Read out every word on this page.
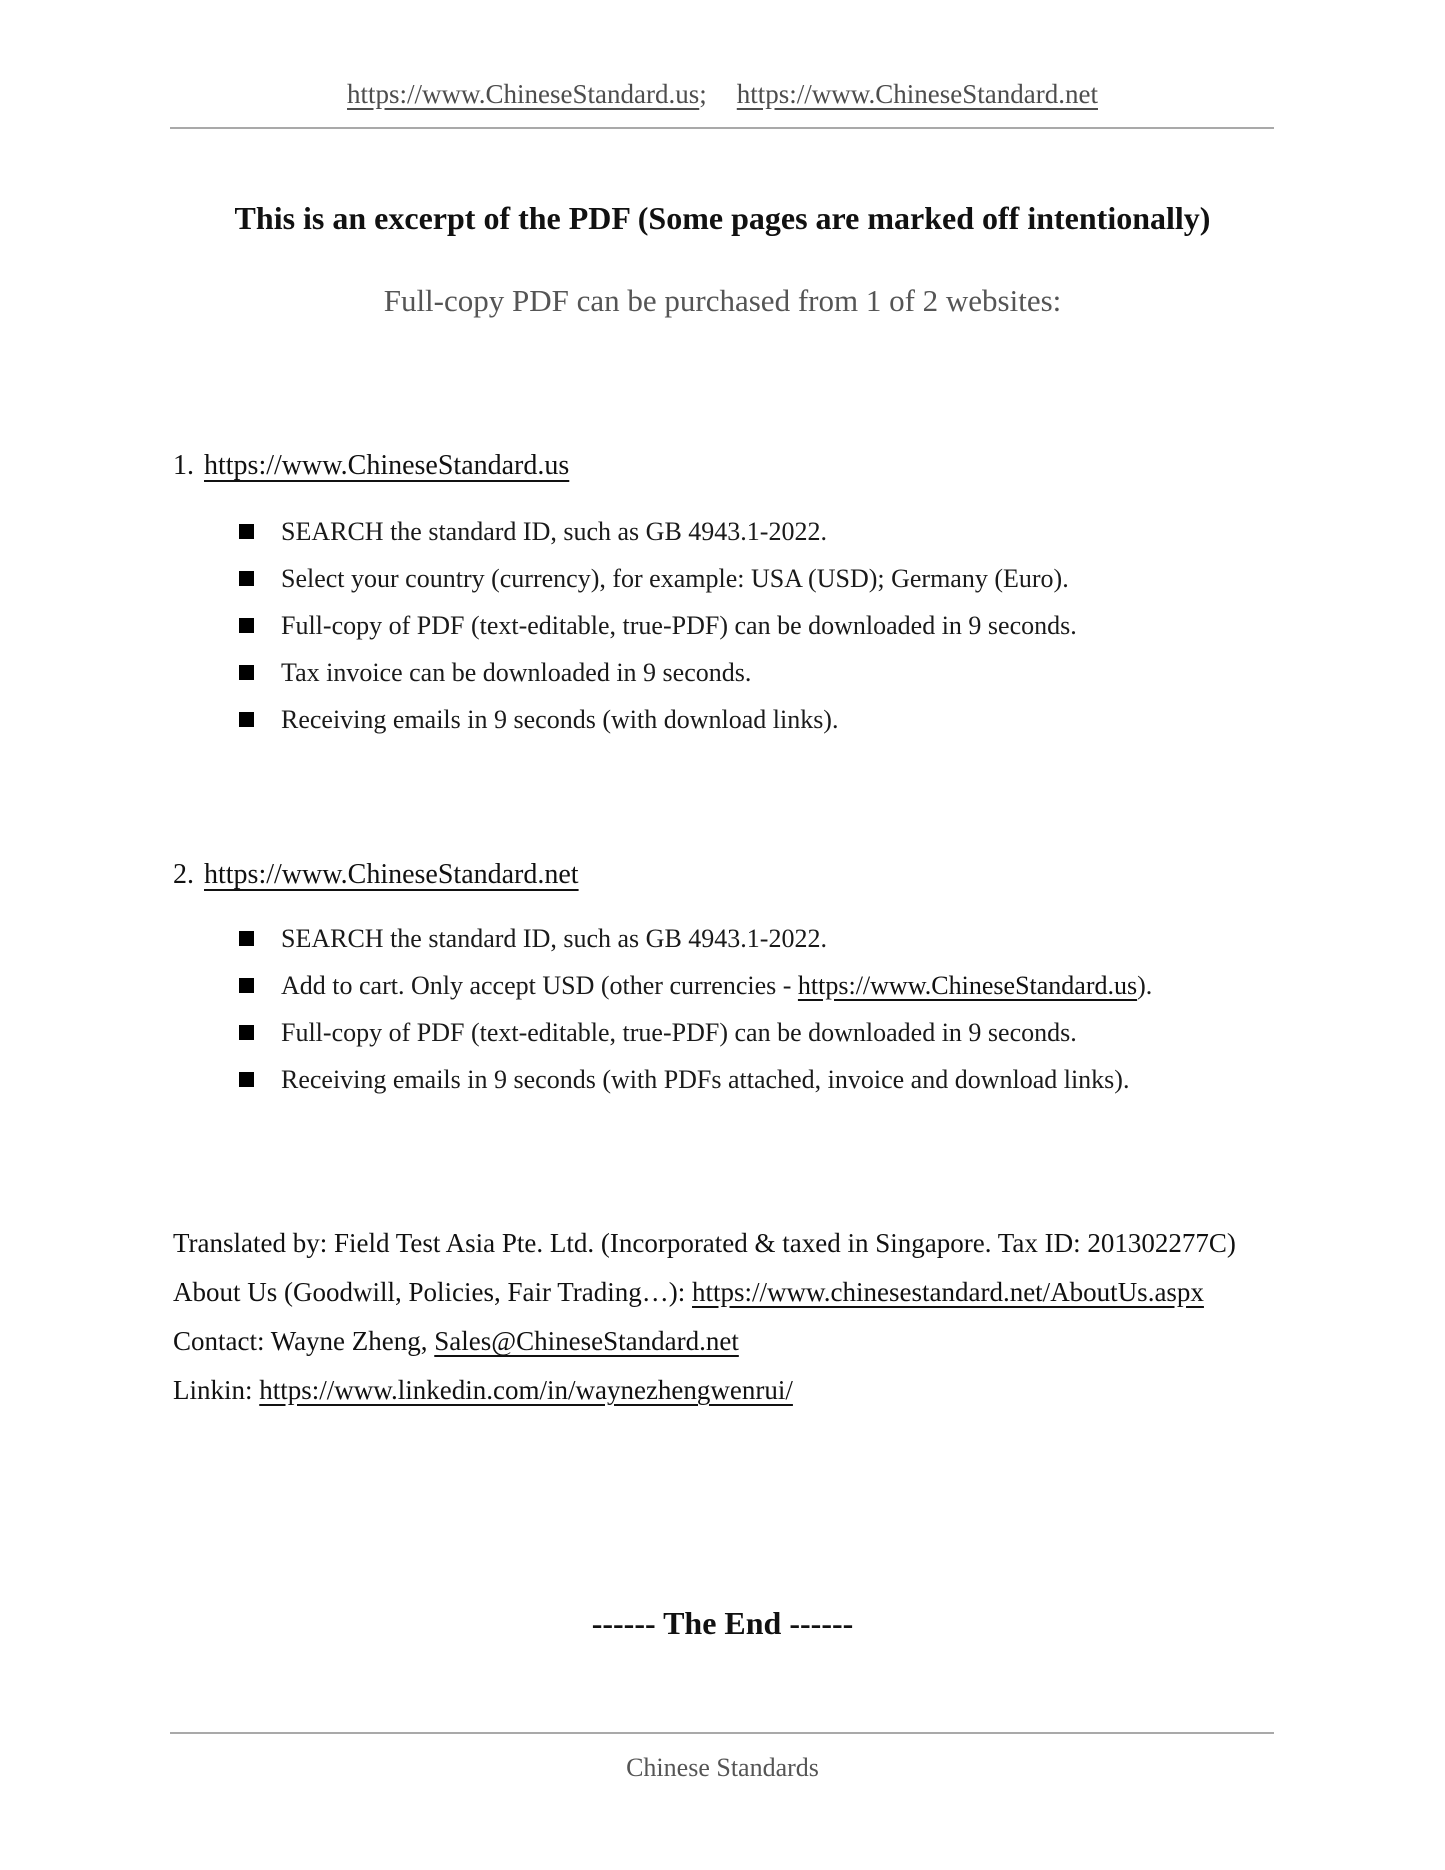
https://www.ChineseStandard.us; https://www.ChineseStandard.net
This is an excerpt of the PDF (Some pages are marked off intentionally)
Full-copy PDF can be purchased from 1 of 2 websites:
1. https://www.ChineseStandard.us
SEARCH the standard ID, such as GB 4943.1-2022.
Select your country (currency), for example: USA (USD); Germany (Euro).
Full-copy of PDF (text-editable, true-PDF) can be downloaded in 9 seconds.
Tax invoice can be downloaded in 9 seconds.
Receiving emails in 9 seconds (with download links).
2. https://www.ChineseStandard.net
SEARCH the standard ID, such as GB 4943.1-2022.
Add to cart. Only accept USD (other currencies - https://www.ChineseStandard.us).
Full-copy of PDF (text-editable, true-PDF) can be downloaded in 9 seconds.
Receiving emails in 9 seconds (with PDFs attached, invoice and download links).
Translated by: Field Test Asia Pte. Ltd. (Incorporated & taxed in Singapore. Tax ID: 201302277C)
About Us (Goodwill, Policies, Fair Trading…): https://www.chinesestandard.net/AboutUs.aspx
Contact: Wayne Zheng, Sales@ChineseStandard.net
Linkin: https://www.linkedin.com/in/waynezhengwenrui/
------ The End ------
Chinese Standards
